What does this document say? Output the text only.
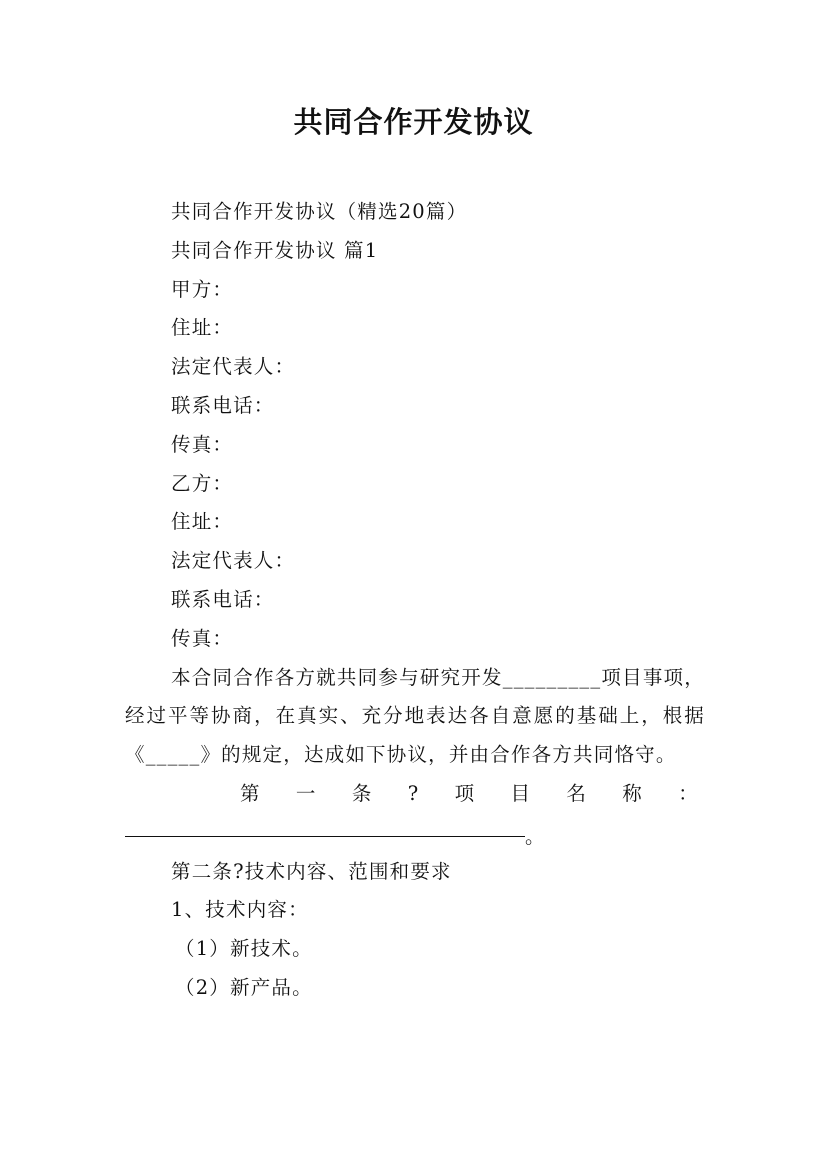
共同合作开发协议
共同合作开发协议（精选20篇）
共同合作开发协议 篇1
甲方：
住址：
法定代表人：
联系电话：
传真：
乙方：
住址：
法定代表人：
联系电话：
传真：

本合同合作各方就共同参与研究开发_________项目事项，经过平等协商，在真实、充分地表达各自意愿的基础上，根据《_____》的规定，达成如下协议，并由合作各方共同恪守。

第 一 条 ? 项 目 名 称 ：
。
第二条?技术内容、范围和要求
1、技术内容：
（1）新技术。
（2）新产品。
